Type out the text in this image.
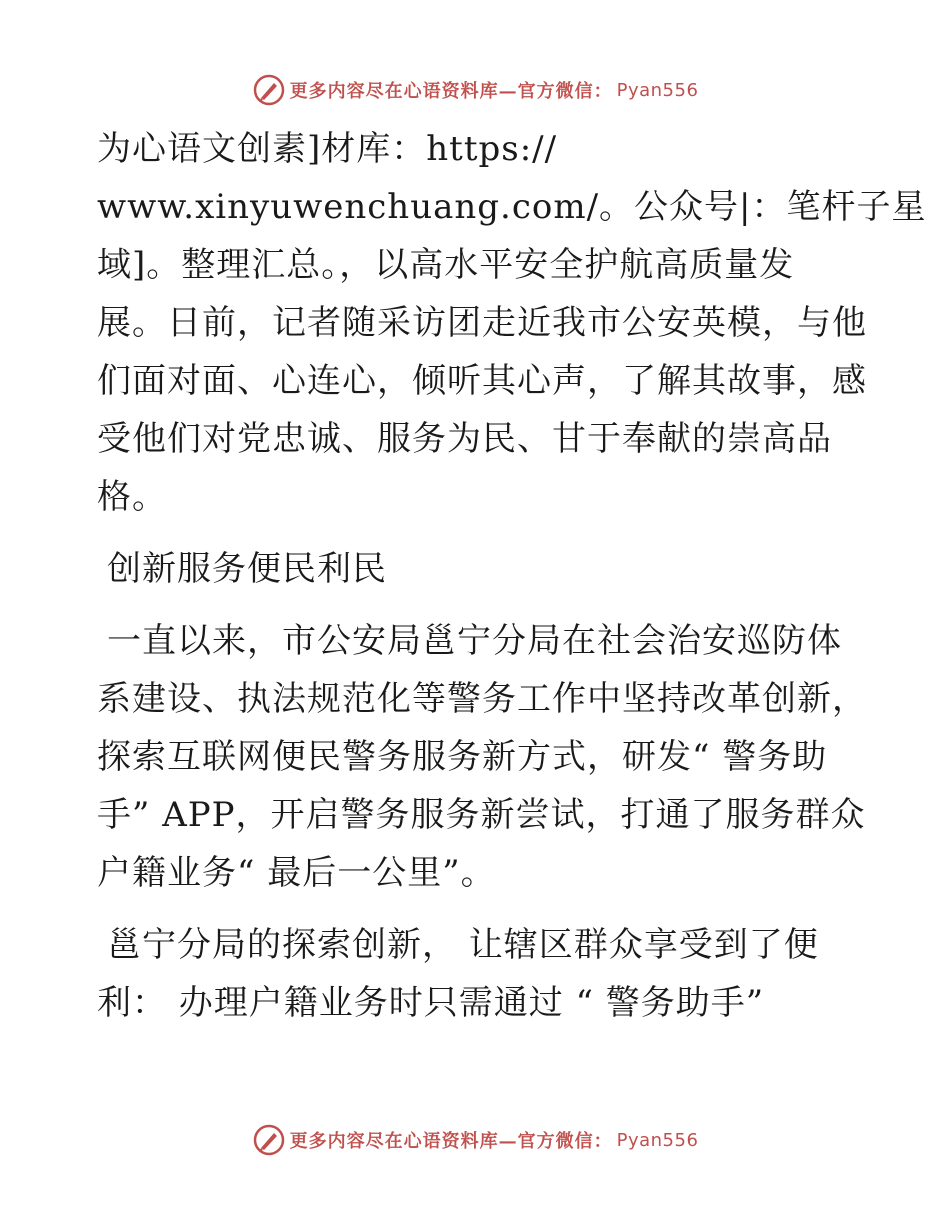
更多内容尽在心语资料库—官方微信： Pyan556
为心语文创素]材库：https://
www.xinyuwenchuang.com/。公众号|：笔杆子星
域]。整理汇总。，以高水平安全护航高质量发
展。日前，记者随采访团走近我市公安英模，与他
们面对面、心连心，倾听其心声，了解其故事，感
受他们对党忠诚、服务为民、甘于奉献的崇高品
格。
创新服务便民利民
一直以来，市公安局邕宁分局在社会治安巡防体
系建设、执法规范化等警务工作中坚持改革创新，
探索互联网便民警务服务新方式，研发“ 警务助
手” APP，开启警务服务新尝试，打通了服务群众
户籍业务“ 最后一公里”。
邕宁分局的探索创新， 让辖区群众享受到了便
利： 办理户籍业务时只需通过 “ 警务助手”
更多内容尽在心语资料库—官方微信： Pyan556
